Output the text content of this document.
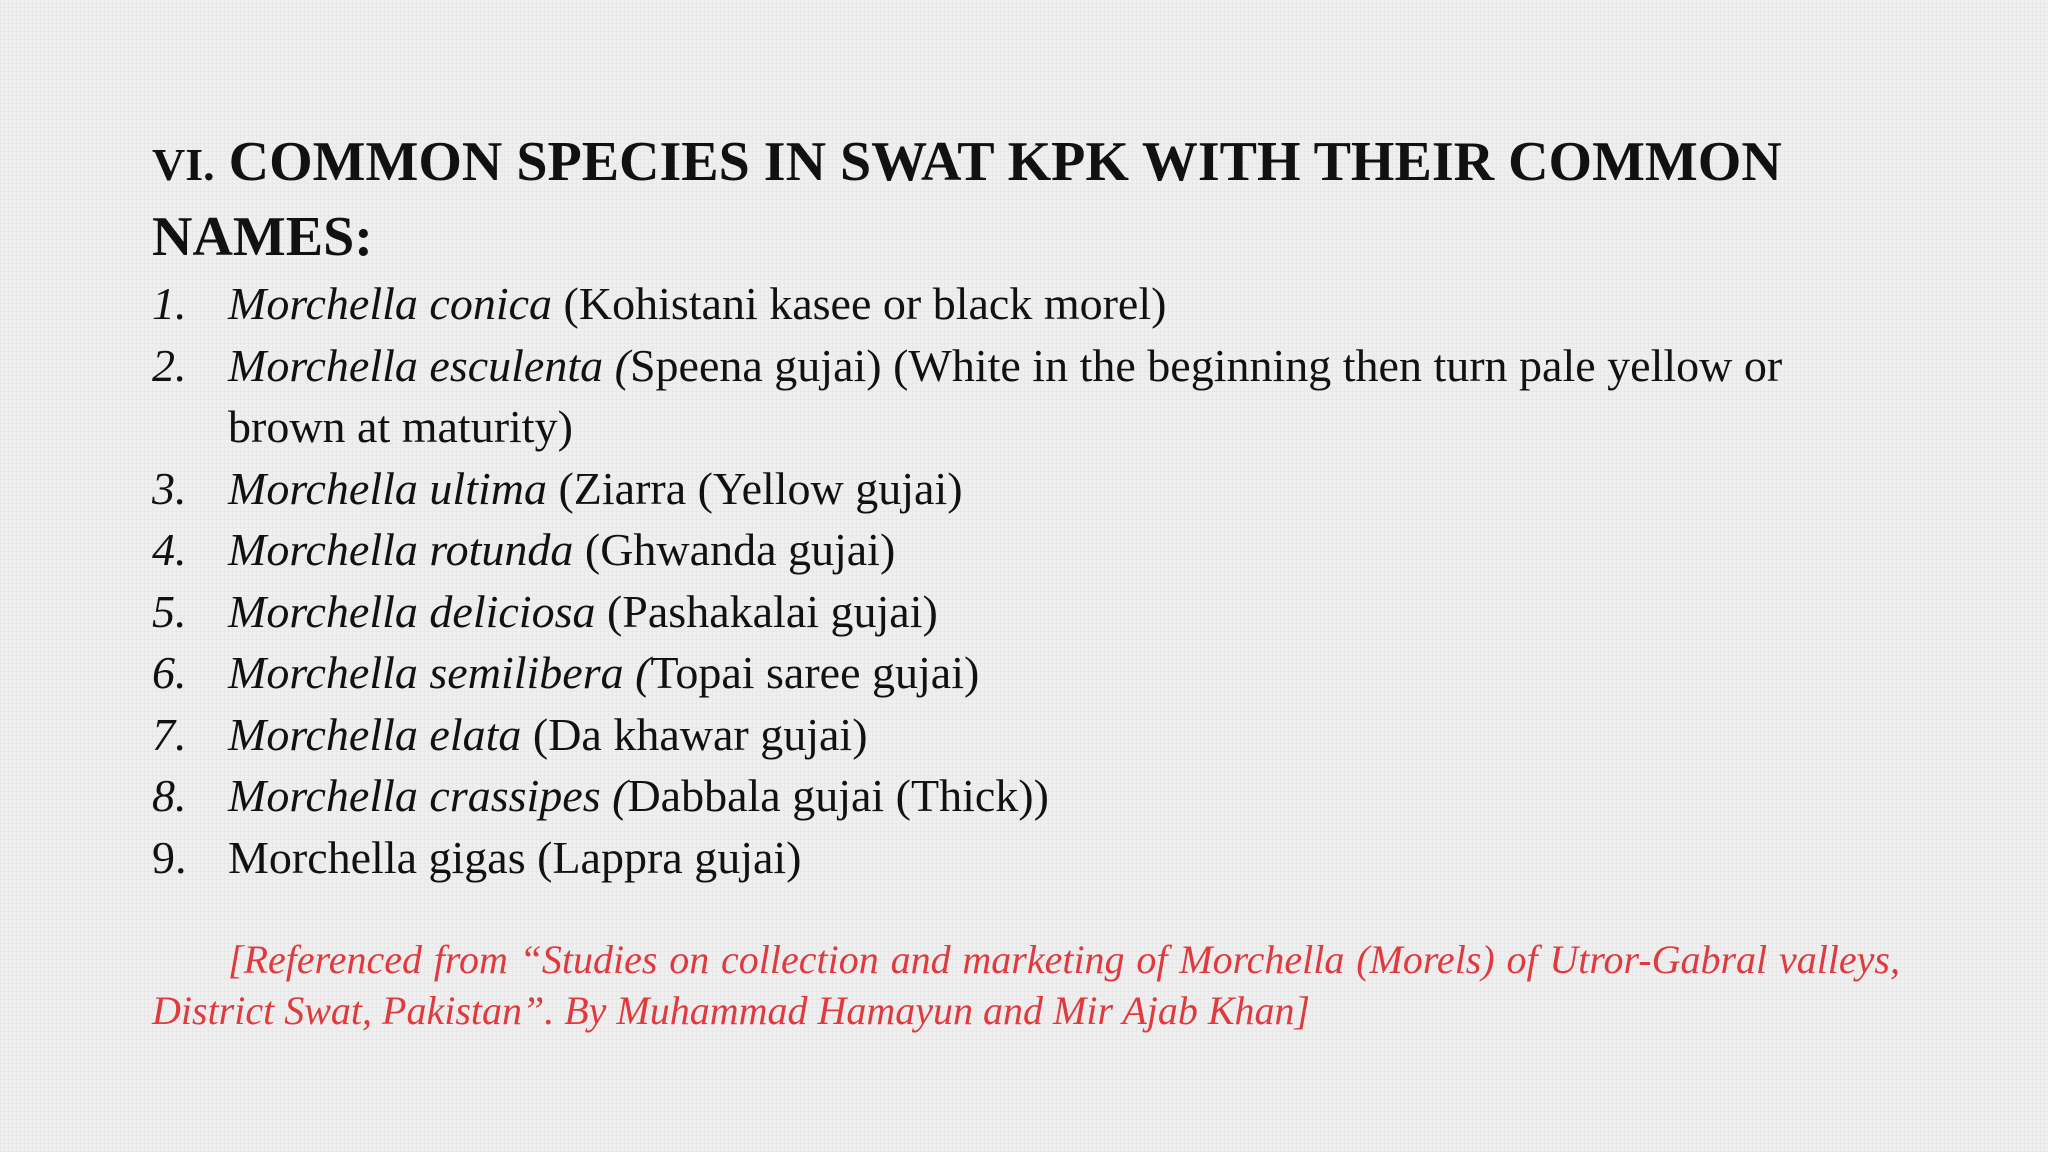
VI. COMMON SPECIES IN SWAT KPK WITH THEIR COMMON NAMES:
1. Morchella conica (Kohistani kasee or black morel)
2. Morchella esculenta (Speena gujai) (White in the beginning then turn pale yellow or brown at maturity)
3. Morchella ultima (Ziarra (Yellow gujai)
4. Morchella rotunda (Ghwanda gujai)
5. Morchella deliciosa (Pashakalai gujai)
6. Morchella semilibera (Topai saree gujai)
7. Morchella elata (Da khawar gujai)
8. Morchella crassipes (Dabbala gujai (Thick))
9. Morchella gigas (Lappra gujai)

[Referenced from “Studies on collection and marketing of Morchella (Morels) of Utror-Gabral valleys, District Swat, Pakistan”. By Muhammad Hamayun and Mir Ajab Khan]
